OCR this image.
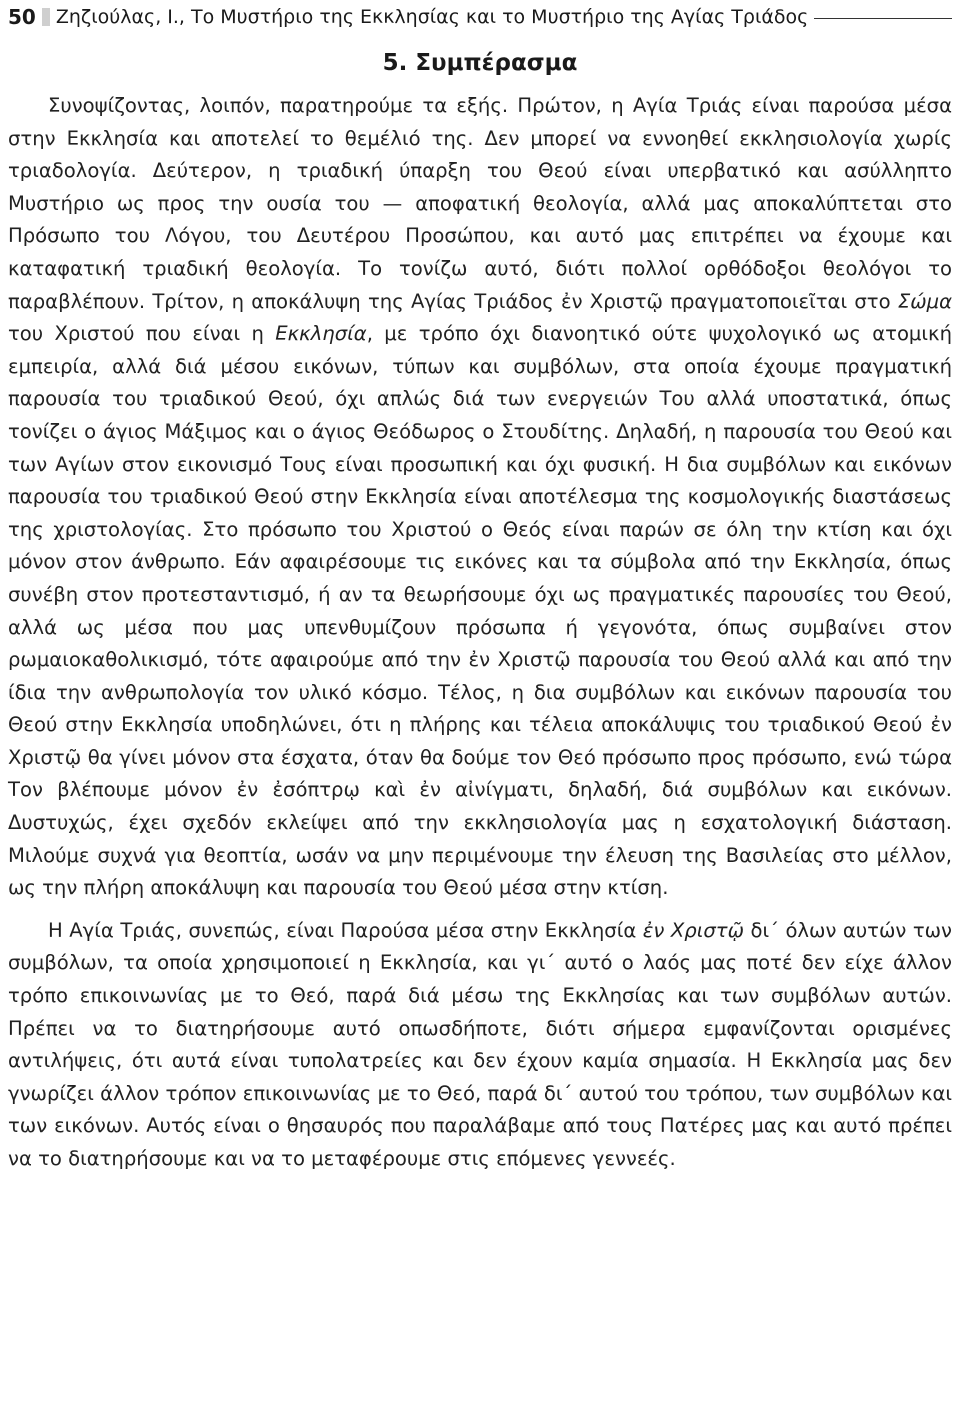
50 Ζηζιούλας, Ι., Το Μυστήριο της Εκκλησίας και το Μυστήριο της Αγίας Τριάδος
5. Συμπέρασμα

Συνοψίζοντας, λοιπόν, παρατηρούμε τα εξής. Πρώτον, η Αγία Τριάς είναι παρούσα μέσα στην Εκκλησία και αποτελεί το θεμέλιό της. Δεν μπορεί να εννοηθεί εκκλησιολογία χωρίς τριαδολογία. Δεύτερον, η τριαδική ύπαρξη του Θεού είναι υπερβατικό και ασύλληπτο Μυστήριο ως προς την ουσία του — αποφατική θεολογία, αλλά μας αποκαλύπτεται στο Πρόσωπο του Λόγου, του Δευτέρου Προσώπου, και αυτό μας επιτρέπει να έχουμε και καταφατική τριαδική θεολογία. Το τονίζω αυτό, διότι πολλοί ορθόδοξοι θεολόγοι το παραβλέπουν. Τρίτον, η αποκάλυψη της Αγίας Τριάδος ἐν Χριστῷ πραγματοποιεῖται στο Σώμα του Χριστού που είναι η Εκκλησία, με τρόπο όχι διανοητικό ούτε ψυχολογικό ως ατομική εμπειρία, αλλά διά μέσου εικόνων, τύπων και συμβόλων, στα οποία έχουμε πραγματική παρουσία του τριαδικού Θεού, όχι απλώς διά των ενεργειών Του αλλά υποστατικά, όπως τονίζει ο άγιος Μάξιμος και ο άγιος Θεόδωρος ο Στουδίτης. Δηλαδή, η παρουσία του Θεού και των Αγίων στον εικονισμό Τους είναι προσωπική και όχι φυσική. Η δια συμβόλων και εικόνων παρουσία του τριαδικού Θεού στην Εκκλησία είναι αποτέλεσμα της κοσμολογικής διαστάσεως της χριστολογίας. Στο πρόσωπο του Χριστού ο Θεός είναι παρών σε όλη την κτίση και όχι μόνον στον άνθρωπο. Εάν αφαιρέσουμε τις εικόνες και τα σύμβολα από την Εκκλησία, όπως συνέβη στον προτεσταντισμό, ή αν τα θεωρήσουμε όχι ως πραγματικές παρουσίες του Θεού, αλλά ως μέσα που μας υπενθυμίζουν πρόσωπα ή γεγονότα, όπως συμβαίνει στον ρωμαιοκαθολικισμό, τότε αφαιρούμε από την ἐν Χριστῷ παρουσία του Θεού αλλά και από την ίδια την ανθρωπολογία τον υλικό κόσμο. Τέλος, η δια συμβόλων και εικόνων παρουσία του Θεού στην Εκκλησία υποδηλώνει, ότι η πλήρης και τέλεια αποκάλυψις του τριαδικού Θεού ἐν Χριστῷ θα γίνει μόνον στα έσχατα, όταν θα δούμε τον Θεό πρόσωπο προς πρόσωπο, ενώ τώρα Τον βλέπουμε μόνον ἐν ἐσόπτρῳ καὶ ἐν αἰνίγματι, δηλαδή, διά συμβόλων και εικόνων. Δυστυχώς, έχει σχεδόν εκλείψει από την εκκλησιολογία μας η εσχατολογική διάσταση. Μιλούμε συχνά για θεοπτία, ωσάν να μην περιμένουμε την έλευση της Βασιλείας στο μέλλον, ως την πλήρη αποκάλυψη και παρουσία του Θεού μέσα στην κτίση.

Η Αγία Τριάς, συνεπώς, είναι Παρούσα μέσα στην Εκκλησία ἐν Χριστῷ δι΄ όλων αυτών των συμβόλων, τα οποία χρησιμοποιεί η Εκκλησία, και γι΄ αυτό ο λαός μας ποτέ δεν είχε άλλον τρόπο επικοινωνίας με το Θεό, παρά διά μέσω της Εκκλησίας και των συμβόλων αυτών. Πρέπει να το διατηρήσουμε αυτό οπωσδήποτε, διότι σήμερα εμφανίζονται ορισμένες αντιλήψεις, ότι αυτά είναι τυπολατρείες και δεν έχουν καμία σημασία. Η Εκκλησία μας δεν γνωρίζει άλλον τρόπον επικοινωνίας με το Θεό, παρά δι΄ αυτού του τρόπου, των συμβόλων και των εικόνων. Αυτός είναι ο θησαυρός που παραλάβαμε από τους Πατέρες μας και αυτό πρέπει να το διατηρήσουμε και να το μεταφέρουμε στις επόμενες γεννεές.
